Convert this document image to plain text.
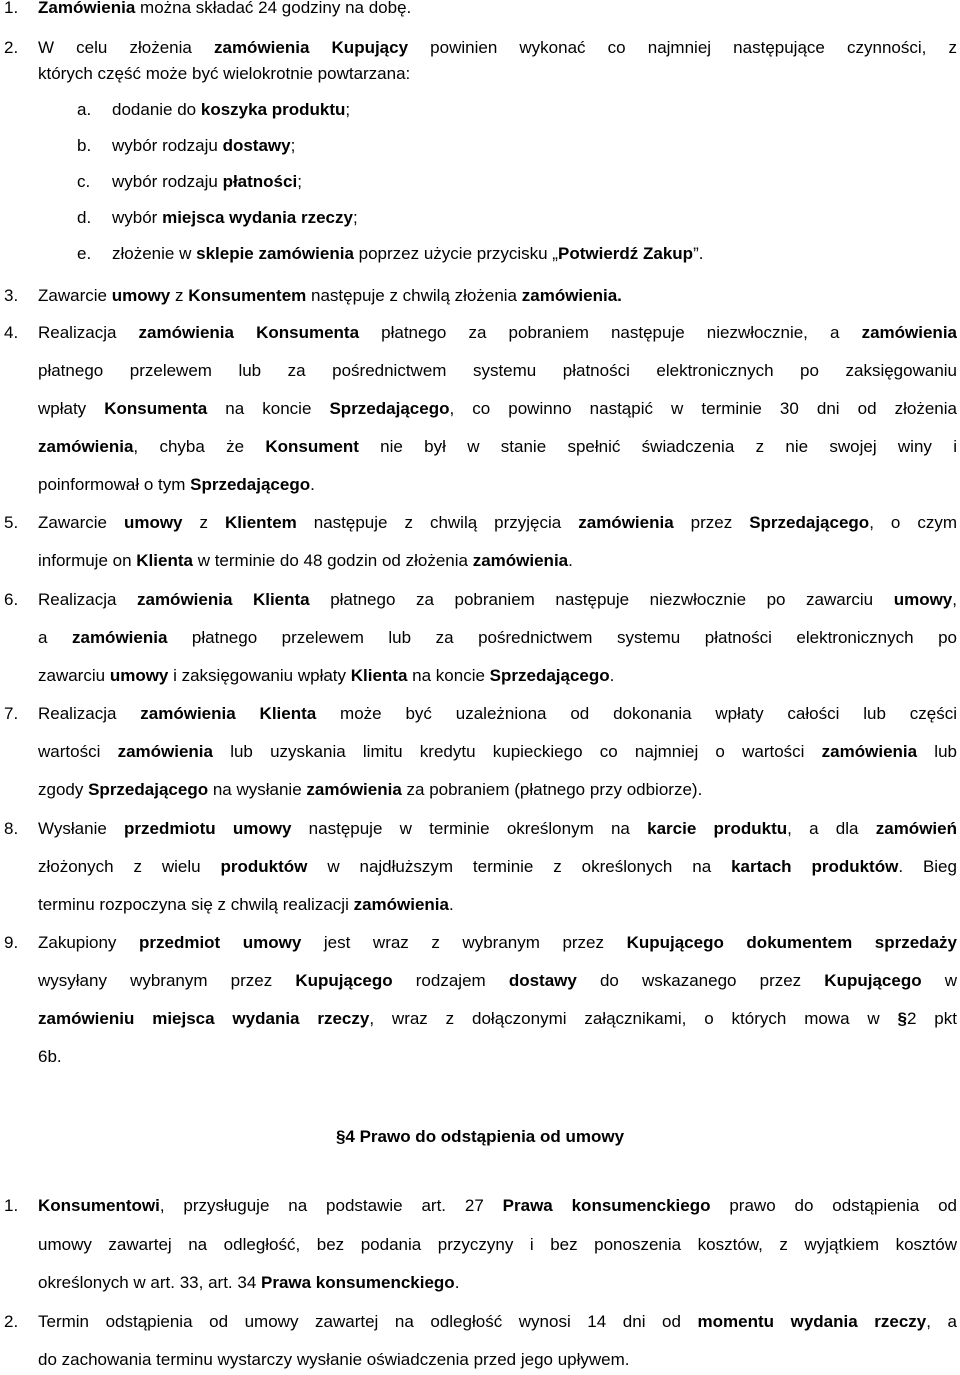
1. Zamówienia można składać 24 godziny na dobę.
2. W celu złożenia zamówienia Kupujący powinien wykonać co najmniej następujące czynności, z
których część może być wielokrotnie powtarzana:
a. dodanie do koszyka produktu;
b. wybór rodzaju dostawy;
c. wybór rodzaju płatności;
d. wybór miejsca wydania rzeczy;
e. złożenie w sklepie zamówienia poprzez użycie przycisku „Potwierdź Zakup”.
3. Zawarcie umowy z Konsumentem następuje z chwilą złożenia zamówienia.
4. Realizacja zamówienia Konsumenta płatnego za pobraniem następuje niezwłocznie, a zamówienia
płatnego przelewem lub za pośrednictwem systemu płatności elektronicznych po zaksięgowaniu
wpłaty Konsumenta na koncie Sprzedającego, co powinno nastąpić w terminie 30 dni od złożenia
zamówienia, chyba że Konsument nie był w stanie spełnić świadczenia z nie swojej winy i
poinformował o tym Sprzedającego.
5. Zawarcie umowy z Klientem następuje z chwilą przyjęcia zamówienia przez Sprzedającego, o czym
informuje on Klienta w terminie do 48 godzin od złożenia zamówienia.
6. Realizacja zamówienia Klienta płatnego za pobraniem następuje niezwłocznie po zawarciu umowy,
a zamówienia płatnego przelewem lub za pośrednictwem systemu płatności elektronicznych po
zawarciu umowy i zaksięgowaniu wpłaty Klienta na koncie Sprzedającego.
7. Realizacja zamówienia Klienta może być uzależniona od dokonania wpłaty całości lub części
wartości zamówienia lub uzyskania limitu kredytu kupieckiego co najmniej o wartości zamówienia lub
zgody Sprzedającego na wysłanie zamówienia za pobraniem (płatnego przy odbiorze).
8. Wysłanie przedmiotu umowy następuje w terminie określonym na karcie produktu, a dla zamówień
złożonych z wielu produktów w najdłuższym terminie z określonych na kartach produktów. Bieg
terminu rozpoczyna się z chwilą realizacji zamówienia.
9. Zakupiony przedmiot umowy jest wraz z wybranym przez Kupującego dokumentem sprzedaży
wysyłany wybranym przez Kupującego rodzajem dostawy do wskazanego przez Kupującego w
zamówieniu miejsca wydania rzeczy, wraz z dołączonymi załącznikami, o których mowa w §2 pkt
6b.
1. Konsumentowi, przysługuje na podstawie art. 27 Prawa konsumenckiego prawo do odstąpienia od
umowy zawartej na odległość, bez podania przyczyny i bez ponoszenia kosztów, z wyjątkiem kosztów
określonych w art. 33, art. 34 Prawa konsumenckiego.
2. Termin odstąpienia od umowy zawartej na odległość wynosi 14 dni od momentu wydania rzeczy, a
do zachowania terminu wystarczy wysłanie oświadczenia przed jego upływem.
§4 Prawo do odstąpienia od umowy
